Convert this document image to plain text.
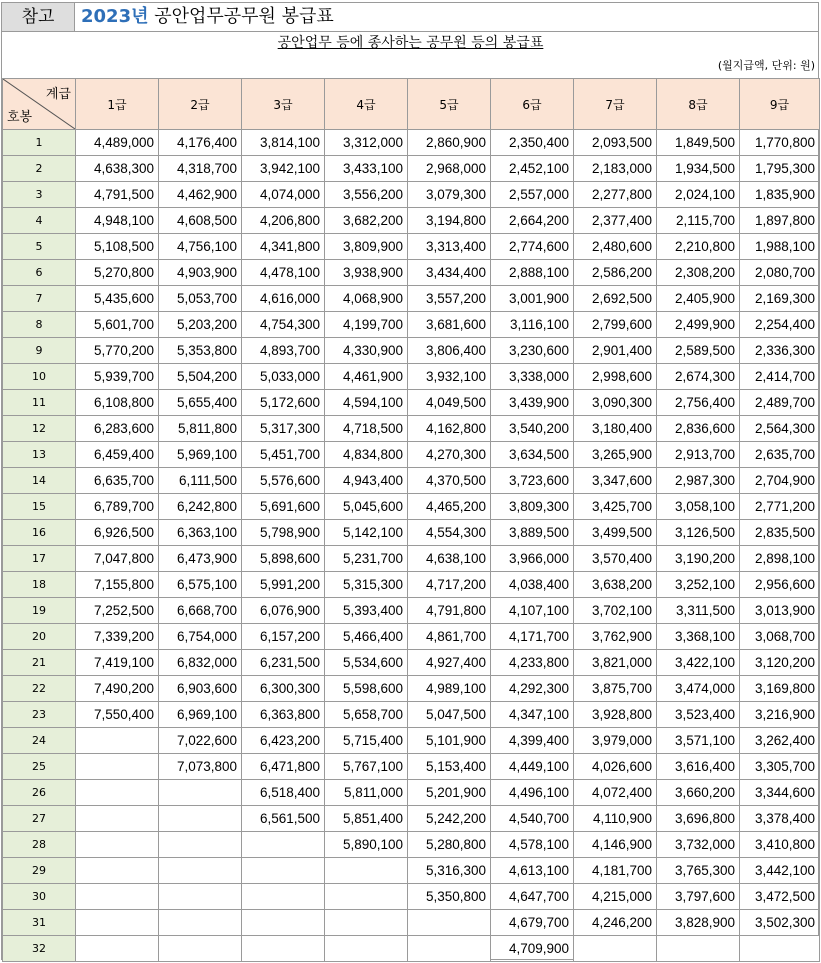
참고	2023년 공안업무공무원 봉급표
공안업무 등에 종사하는 공무원 등의 봉급표
(월지급액, 단위: 원)
계급
호봉	1급	2급	3급	4급	5급	6급	7급	8급	9급
1	4,489,000	4,176,400	3,814,100	3,312,000	2,860,900	2,350,400	2,093,500	1,849,500	1,770,800
2	4,638,300	4,318,700	3,942,100	3,433,100	2,968,000	2,452,100	2,183,000	1,934,500	1,795,300
3	4,791,500	4,462,900	4,074,000	3,556,200	3,079,300	2,557,000	2,277,800	2,024,100	1,835,900
4	4,948,100	4,608,500	4,206,800	3,682,200	3,194,800	2,664,200	2,377,400	2,115,700	1,897,800
5	5,108,500	4,756,100	4,341,800	3,809,900	3,313,400	2,774,600	2,480,600	2,210,800	1,988,100
6	5,270,800	4,903,900	4,478,100	3,938,900	3,434,400	2,888,100	2,586,200	2,308,200	2,080,700
7	5,435,600	5,053,700	4,616,000	4,068,900	3,557,200	3,001,900	2,692,500	2,405,900	2,169,300
8	5,601,700	5,203,200	4,754,300	4,199,700	3,681,600	3,116,100	2,799,600	2,499,900	2,254,400
9	5,770,200	5,353,800	4,893,700	4,330,900	3,806,400	3,230,600	2,901,400	2,589,500	2,336,300
10	5,939,700	5,504,200	5,033,000	4,461,900	3,932,100	3,338,000	2,998,600	2,674,300	2,414,700
11	6,108,800	5,655,400	5,172,600	4,594,100	4,049,500	3,439,900	3,090,300	2,756,400	2,489,700
12	6,283,600	5,811,800	5,317,300	4,718,500	4,162,800	3,540,200	3,180,400	2,836,600	2,564,300
13	6,459,400	5,969,100	5,451,700	4,834,800	4,270,300	3,634,500	3,265,900	2,913,700	2,635,700
14	6,635,700	6,111,500	5,576,600	4,943,400	4,370,500	3,723,600	3,347,600	2,987,300	2,704,900
15	6,789,700	6,242,800	5,691,600	5,045,600	4,465,200	3,809,300	3,425,700	3,058,100	2,771,200
16	6,926,500	6,363,100	5,798,900	5,142,100	4,554,300	3,889,500	3,499,500	3,126,500	2,835,500
17	7,047,800	6,473,900	5,898,600	5,231,700	4,638,100	3,966,000	3,570,400	3,190,200	2,898,100
18	7,155,800	6,575,100	5,991,200	5,315,300	4,717,200	4,038,400	3,638,200	3,252,100	2,956,600
19	7,252,500	6,668,700	6,076,900	5,393,400	4,791,800	4,107,100	3,702,100	3,311,500	3,013,900
20	7,339,200	6,754,000	6,157,200	5,466,400	4,861,700	4,171,700	3,762,900	3,368,100	3,068,700
21	7,419,100	6,832,000	6,231,500	5,534,600	4,927,400	4,233,800	3,821,000	3,422,100	3,120,200
22	7,490,200	6,903,600	6,300,300	5,598,600	4,989,100	4,292,300	3,875,700	3,474,000	3,169,800
23	7,550,400	6,969,100	6,363,800	5,658,700	5,047,500	4,347,100	3,928,800	3,523,400	3,216,900
24		7,022,600	6,423,200	5,715,400	5,101,900	4,399,400	3,979,000	3,571,100	3,262,400
25		7,073,800	6,471,800	5,767,100	5,153,400	4,449,100	4,026,600	3,616,400	3,305,700
26			6,518,400	5,811,000	5,201,900	4,496,100	4,072,400	3,660,200	3,344,600
27			6,561,500	5,851,400	5,242,200	4,540,700	4,110,900	3,696,800	3,378,400
28				5,890,100	5,280,800	4,578,100	4,146,900	3,732,000	3,410,800
29					5,316,300	4,613,100	4,181,700	3,765,300	3,442,100
30					5,350,800	4,647,700	4,215,000	3,797,600	3,472,500
31						4,679,700	4,246,200	3,828,900	3,502,300
32						4,709,900			
